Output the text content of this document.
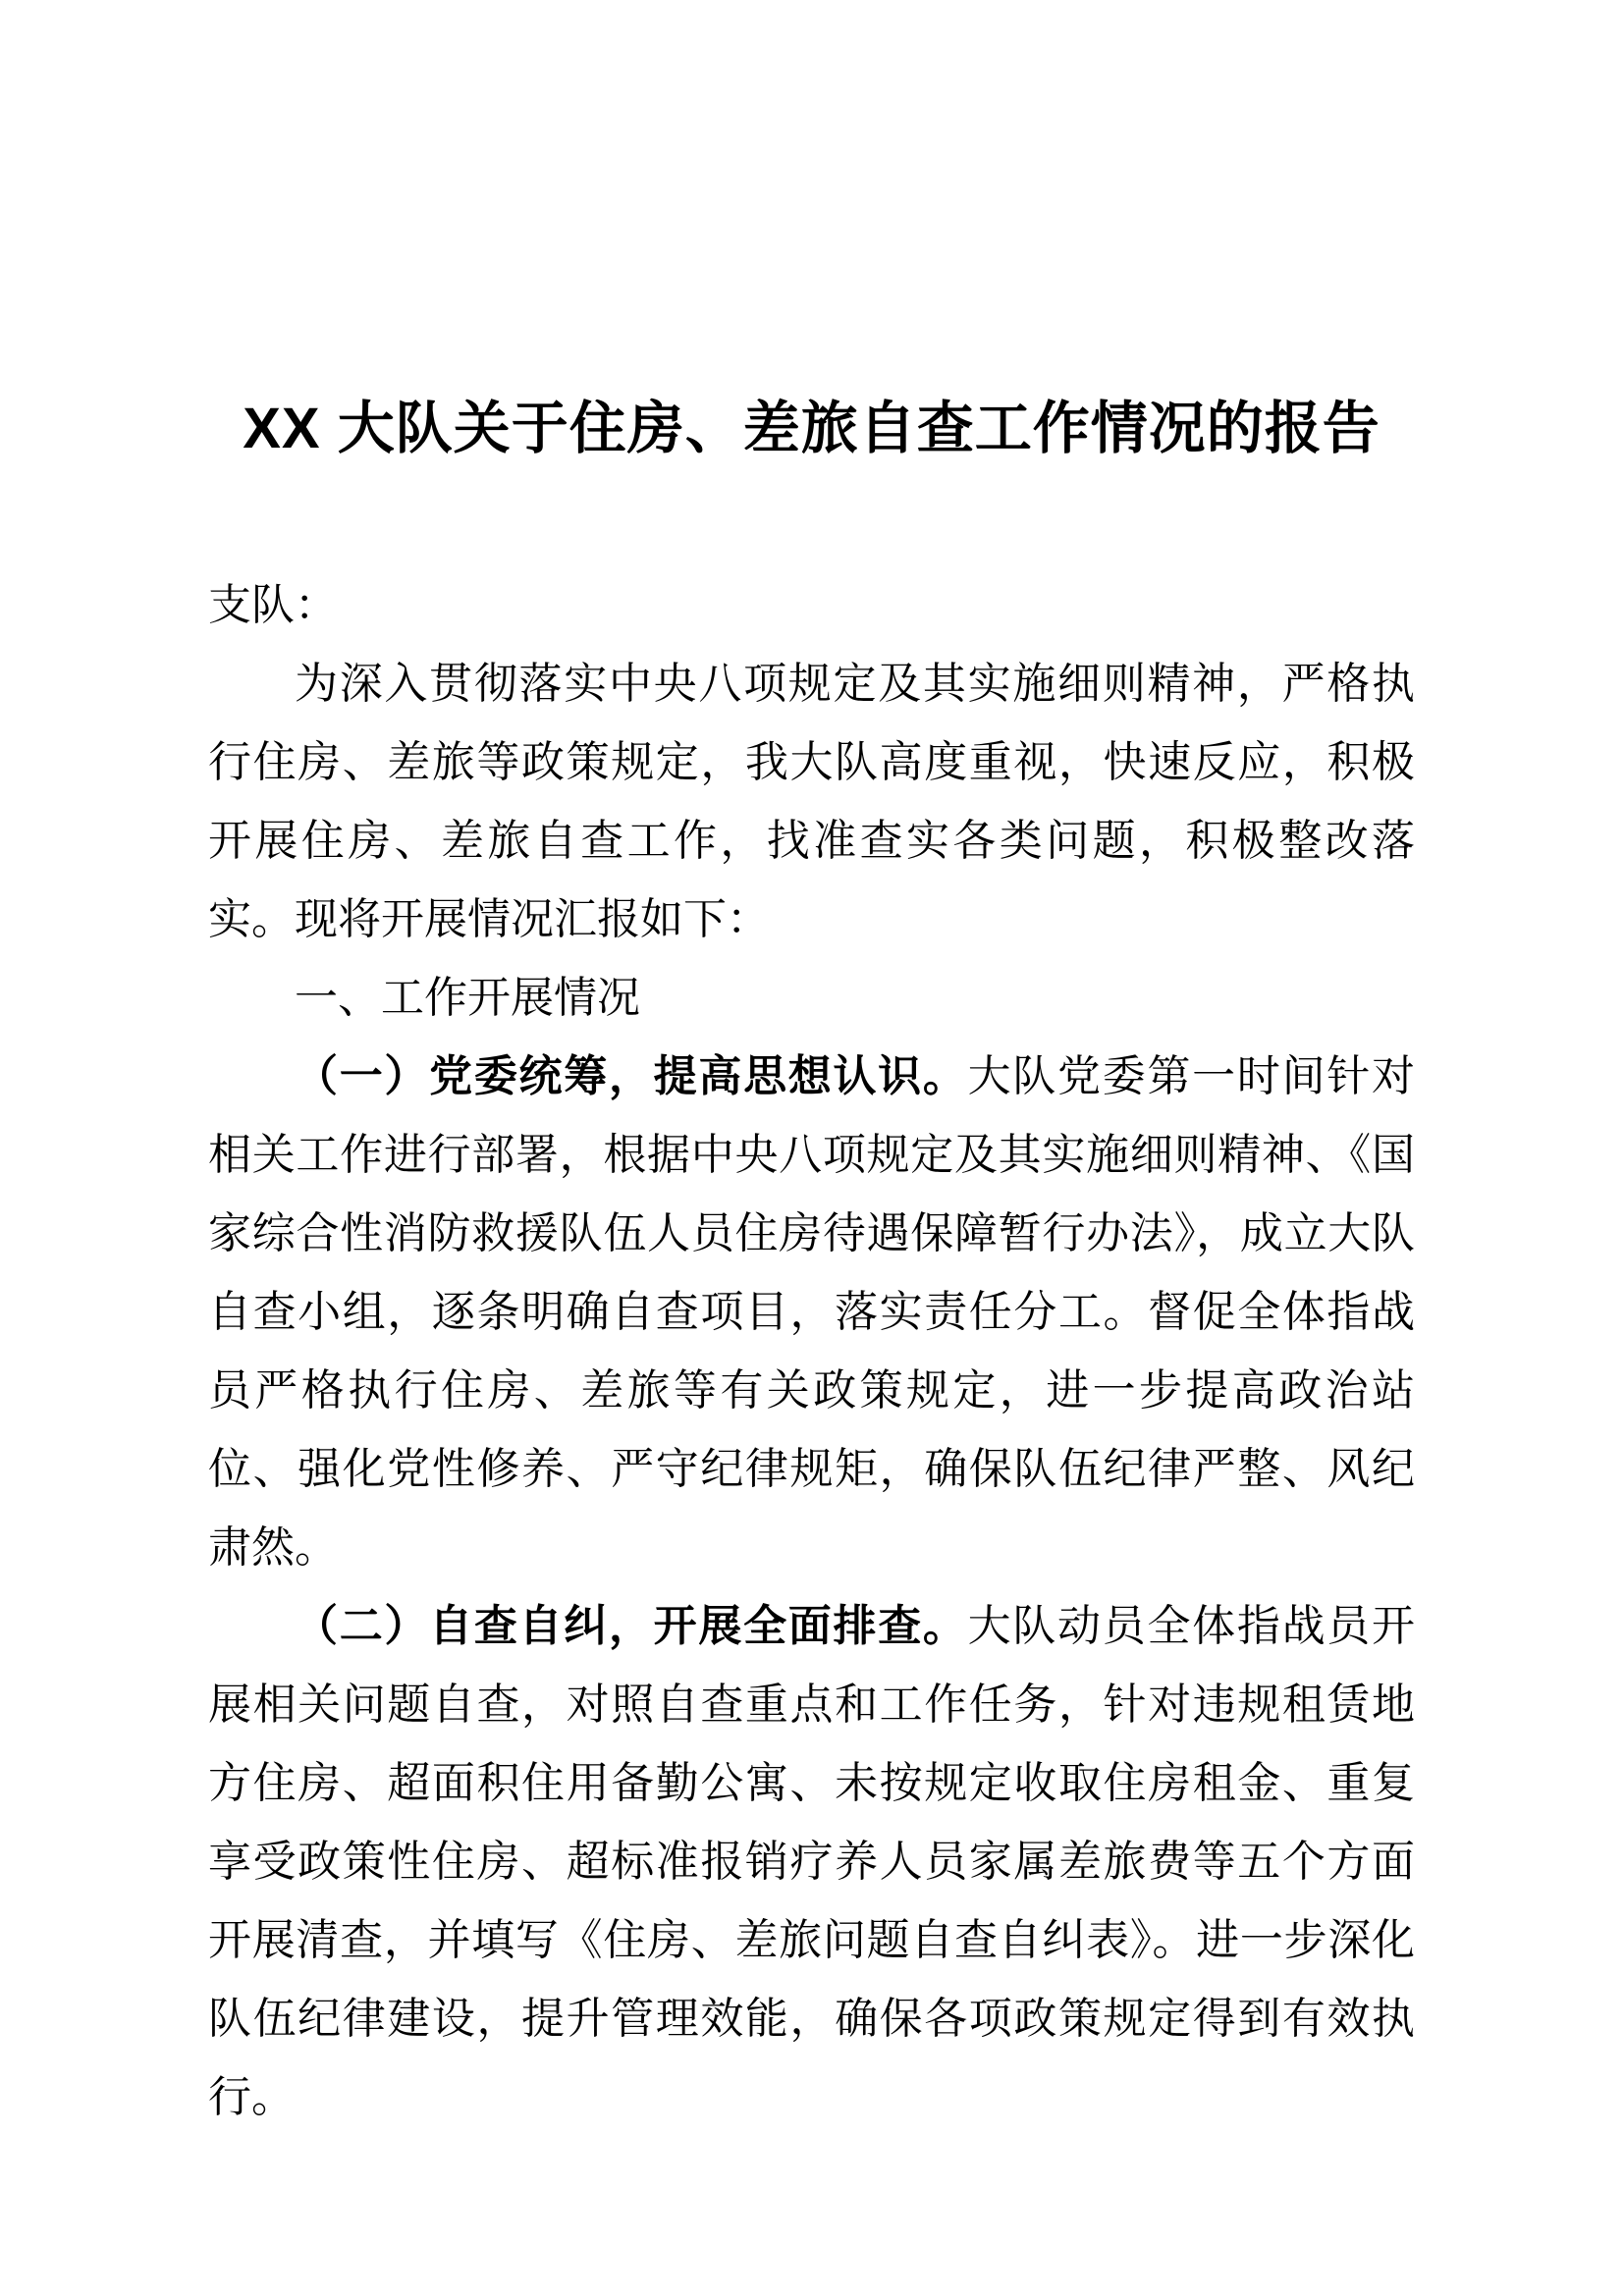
XX 大队关于住房、差旅自查工作情况的报告

支队：

为深入贯彻落实中央八项规定及其实施细则精神，严格执行住房、差旅等政策规定，我大队高度重视，快速反应，积极开展住房、差旅自查工作，找准查实各类问题，积极整改落实。现将开展情况汇报如下：

一、工作开展情况

（一）党委统筹，提高思想认识。大队党委第一时间针对相关工作进行部署，根据中央八项规定及其实施细则精神、《国家综合性消防救援队伍人员住房待遇保障暂行办法》，成立大队自查小组，逐条明确自查项目，落实责任分工。督促全体指战员严格执行住房、差旅等有关政策规定，进一步提高政治站位、强化党性修养、严守纪律规矩，确保队伍纪律严整、风纪肃然。

（二）自查自纠，开展全面排查。大队动员全体指战员开展相关问题自查，对照自查重点和工作任务，针对违规租赁地方住房、超面积住用备勤公寓、未按规定收取住房租金、重复享受政策性住房、超标准报销疗养人员家属差旅费等五个方面开展清查，并填写《住房、差旅问题自查自纠表》。进一步深化队伍纪律建设，提升管理效能，确保各项政策规定得到有效执行。
